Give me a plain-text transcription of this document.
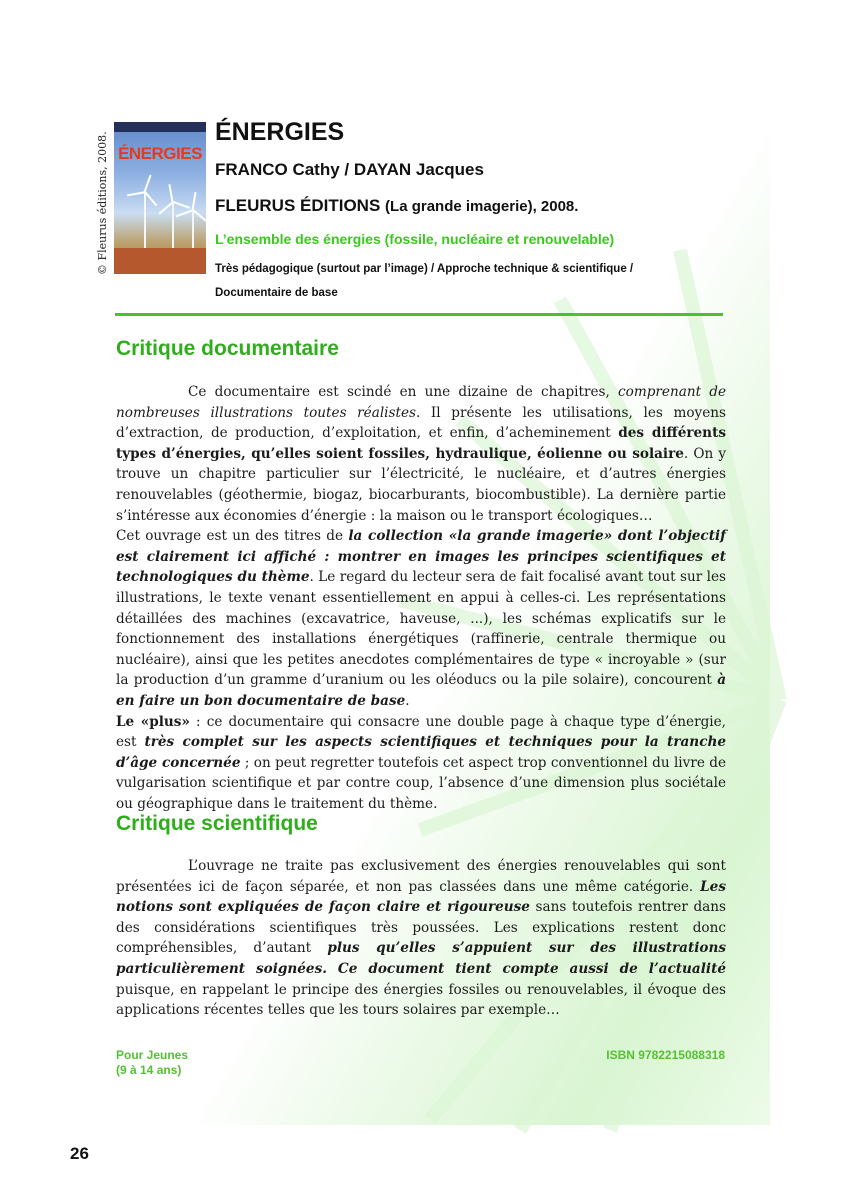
ÉNERGIES
© Fleurus éditions, 2008.	ÉNERGIES
FRANCO Cathy / DAYAN Jacques
FLEURUS ÉDITIONS (La grande imagerie), 2008.
L’ensemble des énergies (fossile, nucléaire et renouvelable)
Très pédagogique (surtout par l’image) / Approche technique & scientifique / Documentaire de base
Critique documentaire

Ce documentaire est scindé en une dizaine de chapitres, comprenant de nombreuses illustrations toutes réalistes. Il présente les utilisations, les moyens d’extraction, de production, d’exploitation, et enfin, d’acheminement des différents types d’énergies, qu’elles soient fossiles, hydraulique, éolienne ou solaire. On y trouve un chapitre particulier sur l’électricité, le nucléaire, et d’autres énergies renouvelables (géothermie, biogaz, biocarburants, biocombustible). La dernière partie s’intéresse aux économies d’énergie : la maison ou le transport écologiques…

Cet ouvrage est un des titres de la collection «la grande imagerie» dont l’objectif est clairement ici affiché : montrer en images les principes scientifiques et technologiques du thème. Le regard du lecteur sera de fait focalisé avant tout sur les illustrations, le texte venant essentiellement en appui à celles-ci. Les représentations détaillées des machines (excavatrice, haveuse, ...), les schémas explicatifs sur le fonctionnement des installations énergétiques (raffinerie, centrale thermique ou nucléaire), ainsi que les petites anecdotes complémentaires de type « incroyable » (sur la production d’un gramme d’uranium ou les oléoducs ou la pile solaire), concourent à en faire un bon documentaire de base.

Le «plus» : ce documentaire qui consacre une double page à chaque type d’énergie, est très complet sur les aspects scientifiques et techniques pour la tranche d’âge concernée ; on peut regretter toutefois cet aspect trop conventionnel du livre de vulgarisation scientifique et par contre coup, l’absence d’une dimension plus sociétale ou géographique dans le traitement du thème.

Critique scientifique

L’ouvrage ne traite pas exclusivement des énergies renouvelables qui sont présentées ici de façon séparée, et non pas classées dans une même catégorie. Les notions sont expliquées de façon claire et rigoureuse sans toutefois rentrer dans des considérations scientifiques très poussées. Les explications restent donc compréhensibles, d’autant plus qu’elles s’appuient sur des illustrations particulièrement soignées. Ce document tient compte aussi de l’actualité puisque, en rappelant le principe des énergies fossiles ou renouvelables, il évoque des applications récentes telles que les tours solaires par exemple…

Pour Jeunes
(9 à 14 ans)
ISBN 9782215088318
26
